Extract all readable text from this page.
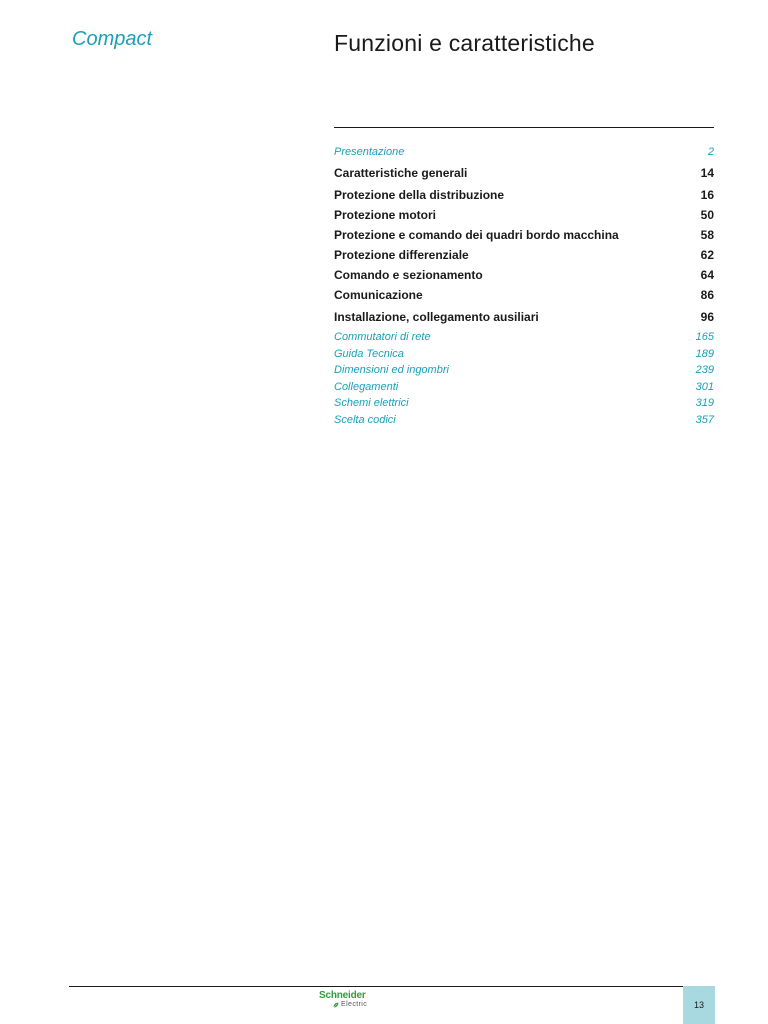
Compact	Funzioni e caratteristiche
Presentazione	2
Caratteristiche generali	14
Protezione della distribuzione	16
Protezione motori	50
Protezione e comando dei quadri bordo macchina	58
Protezione differenziale	62
Comando e sezionamento	64
Comunicazione	86
Installazione, collegamento ausiliari	96
Commutatori di rete	165
Guida Tecnica	189
Dimensioni ed ingombri	239
Collegamenti	301
Schemi elettrici	319
Scelta codici	357
Schneider
Electric	13
